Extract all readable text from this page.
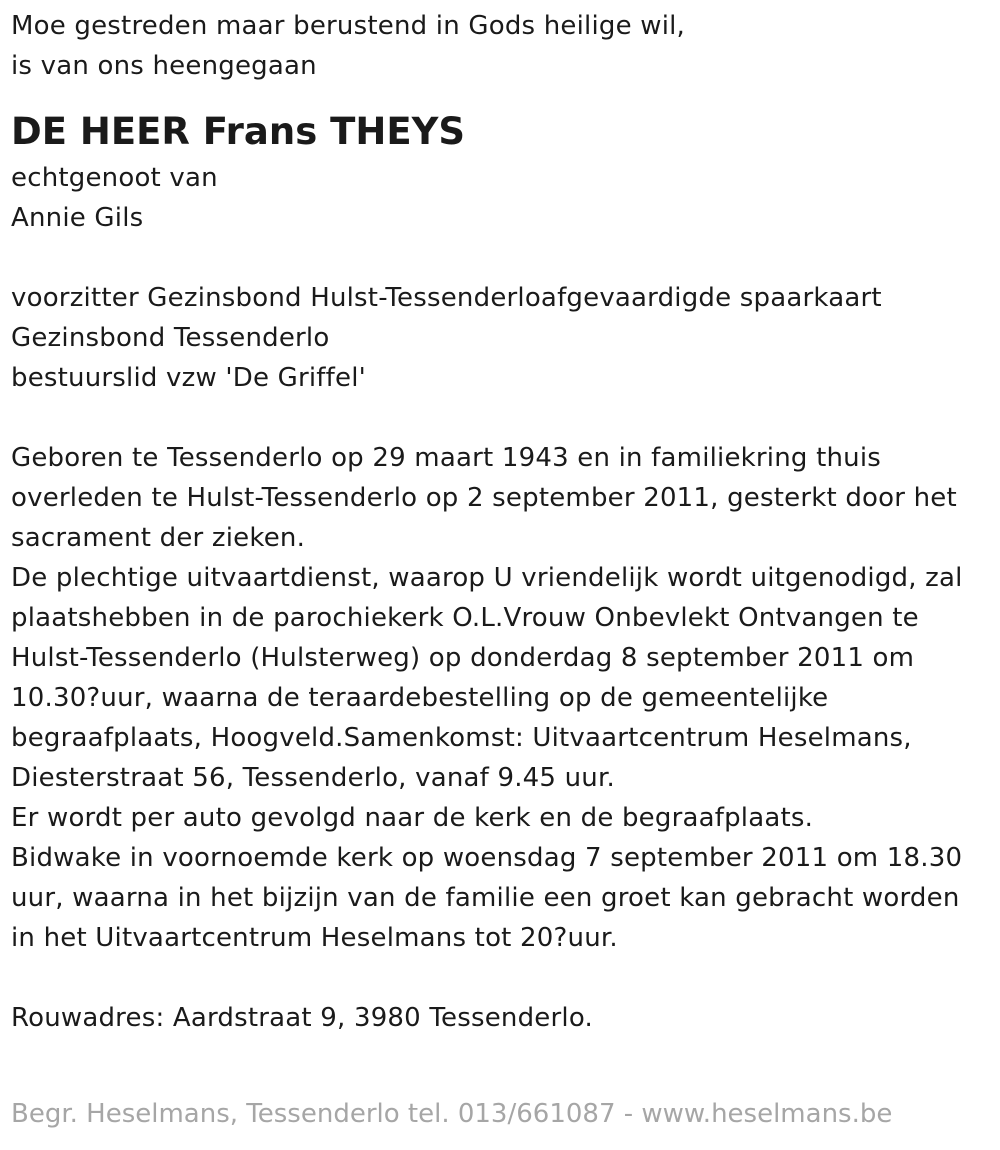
Moe gestreden maar berustend in Gods heilige wil,
is van ons heengegaan
DE HEER Frans THEYS
echtgenoot van
Annie Gils
voorzitter Gezinsbond Hulst-Tessenderloafgevaardigde spaarkaart
Gezinsbond Tessenderlo
bestuurslid vzw 'De Griffel'
Geboren te Tessenderlo op 29 maart 1943 en in familiekring thuis
overleden te Hulst-Tessenderlo op 2 september 2011, gesterkt door het
sacrament der zieken.
De plechtige uitvaartdienst, waarop U vriendelijk wordt uitgenodigd, zal
plaatshebben in de parochiekerk O.L.Vrouw Onbevlekt Ontvangen te
Hulst-Tessenderlo (Hulsterweg) op donderdag 8 september 2011 om
10.30?uur, waarna de teraardebestelling op de gemeentelijke
begraafplaats, Hoogveld.Samenkomst: Uitvaartcentrum Heselmans,
Diesterstraat 56, Tessenderlo, vanaf 9.45 uur.
Er wordt per auto gevolgd naar de kerk en de begraafplaats.
Bidwake in voornoemde kerk op woensdag 7 september 2011 om 18.30
uur, waarna in het bijzijn van de familie een groet kan gebracht worden
in het Uitvaartcentrum Heselmans tot 20?uur.
Rouwadres: Aardstraat 9, 3980 Tessenderlo.
Begr. Heselmans, Tessenderlo tel. 013/661087 - www.heselmans.be
